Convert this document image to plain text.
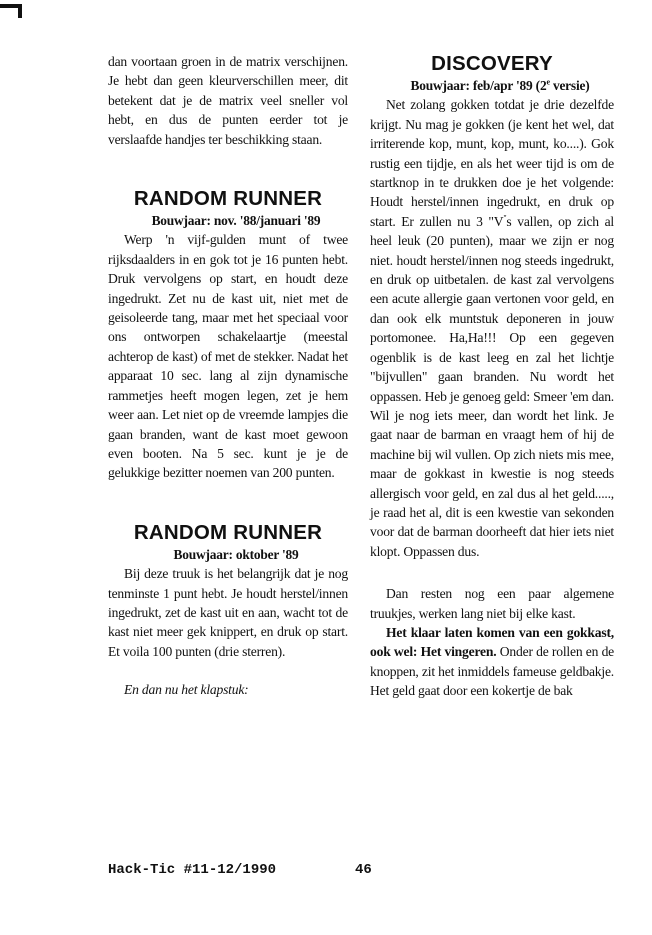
dan voortaan groen in de matrix verschijnen. Je hebt dan geen kleurverschillen meer, dit betekent dat je de matrix veel sneller vol hebt, en dus de punten eerder tot je verslaafde handjes ter beschikking staan.

RANDOM RUNNER

Bouwjaar: nov. '88/januari '89

Werp 'n vijf-gulden munt of twee rijksdaalders in en gok tot je 16 punten hebt. Druk vervolgens op start, en houdt deze ingedrukt. Zet nu de kast uit, niet met de geisoleerde tang, maar met het speciaal voor ons ontworpen schakelaartje (meestal achterop de kast) of met de stekker. Nadat het apparaat 10 sec. lang al zijn dynamische rammetjes heeft mogen legen, zet je hem weer aan. Let niet op de vreemde lampjes die gaan branden, want de kast moet gewoon even booten. Na 5 sec. kunt je je de gelukkige bezitter noemen van 200 punten.

RANDOM RUNNER

Bouwjaar: oktober '89

Bij deze truuk is het belangrijk dat je nog tenminste 1 punt hebt. Je houdt herstel/innen ingedrukt, zet de kast uit en aan, wacht tot de kast niet meer gek knippert, en druk op start. Et voila 100 punten (drie sterren).

En dan nu het klapstuk:

DISCOVERY

Bouwjaar: feb/apr '89 (2e versie)

Net zolang gokken totdat je drie dezelfde krijgt. Nu mag je gokken (je kent het wel, dat irriterende kop, munt, kop, munt, ko....). Gok rustig een tijdje, en als het weer tijd is om de startknop in te drukken doe je het volgende: Houdt herstel/innen ingedrukt, en druk op start. Er zullen nu 3 "V"s vallen, op zich al heel leuk (20 punten), maar we zijn er nog niet. houdt herstel/innen nog steeds ingedrukt, en druk op uitbetalen. de kast zal vervolgens een acute allergie gaan vertonen voor geld, en dan ook elk muntstuk deponeren in jouw portomonee. Ha,Ha!!! Op een gegeven ogenblik is de kast leeg en zal het lichtje "bijvullen" gaan branden. Nu wordt het oppassen. Heb je genoeg geld: Smeer 'em dan. Wil je nog iets meer, dan wordt het link. Je gaat naar de barman en vraagt hem of hij de machine bij wil vullen. Op zich niets mis mee, maar de gokkast in kwestie is nog steeds allergisch voor geld, en zal dus al het geld....., je raad het al, dit is een kwestie van sekonden voor dat de barman doorheeft dat hier iets niet klopt. Oppassen dus.

Dan resten nog een paar algemene truukjes, werken lang niet bij elke kast.

Het klaar laten komen van een gokkast, ook wel: Het vingeren. Onder de rollen en de knoppen, zit het inmiddels fameuse geldbakje. Het geld gaat door een kokertje de bak

Hack-Tic #11-12/1990	46
